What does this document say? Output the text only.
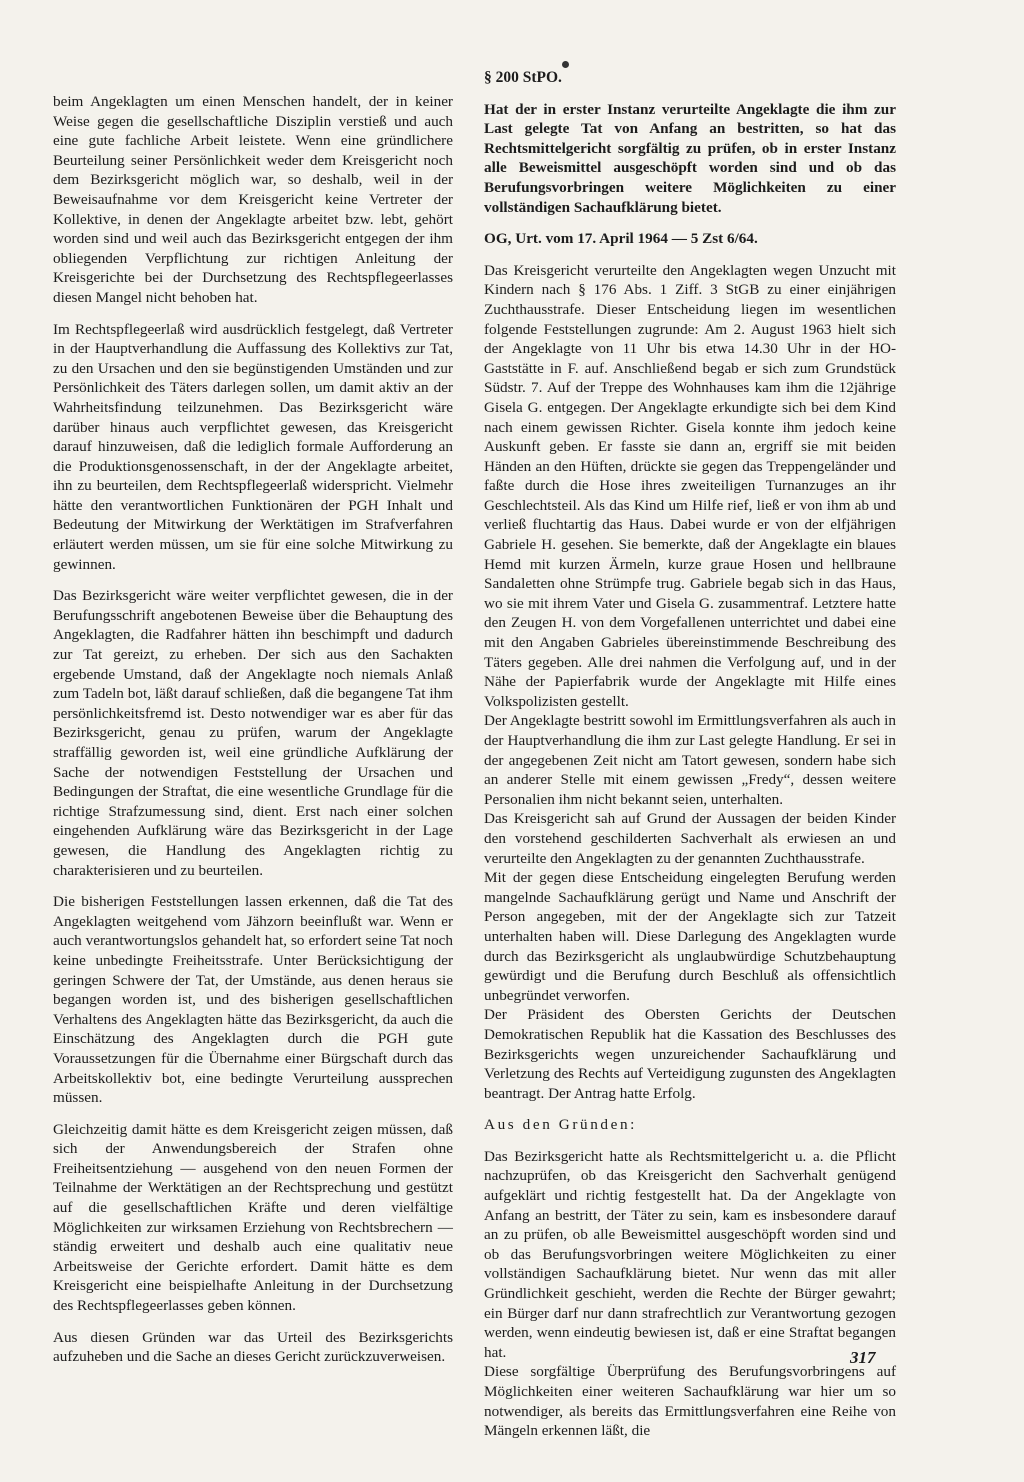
beim Angeklagten um einen Menschen handelt, der in keiner Weise gegen die gesellschaftliche Disziplin verstieß und auch eine gute fachliche Arbeit leistete. Wenn eine gründlichere Beurteilung seiner Persönlichkeit weder dem Kreisgericht noch dem Bezirksgericht möglich war, so deshalb, weil in der Beweisaufnahme vor dem Kreisgericht keine Vertreter der Kollektive, in denen der Angeklagte arbeitet bzw. lebt, gehört worden sind und weil auch das Bezirksgericht entgegen der ihm obliegenden Verpflichtung zur richtigen Anleitung der Kreisgerichte bei der Durchsetzung des Rechtspflegeerlasses diesen Mangel nicht behoben hat.

Im Rechtspflegeerlaß wird ausdrücklich festgelegt, daß Vertreter in der Hauptverhandlung die Auffassung des Kollektivs zur Tat, zu den Ursachen und den sie begünstigenden Umständen und zur Persönlichkeit des Täters darlegen sollen, um damit aktiv an der Wahrheitsfindung teilzunehmen. Das Bezirksgericht wäre darüber hinaus auch verpflichtet gewesen, das Kreisgericht darauf hinzuweisen, daß die lediglich formale Aufforderung an die Produktionsgenossenschaft, in der der Angeklagte arbeitet, ihn zu beurteilen, dem Rechtspflegeerlaß widerspricht. Vielmehr hätte den verantwortlichen Funktionären der PGH Inhalt und Bedeutung der Mitwirkung der Werktätigen im Strafverfahren erläutert werden müssen, um sie für eine solche Mitwirkung zu gewinnen.

Das Bezirksgericht wäre weiter verpflichtet gewesen, die in der Berufungsschrift angebotenen Beweise über die Behauptung des Angeklagten, die Radfahrer hätten ihn beschimpft und dadurch zur Tat gereizt, zu erheben. Der sich aus den Sachakten ergebende Umstand, daß der Angeklagte noch niemals Anlaß zum Tadeln bot, läßt darauf schließen, daß die begangene Tat ihm persönlichkeitsfremd ist. Desto notwendiger war es aber für das Bezirksgericht, genau zu prüfen, warum der Angeklagte straffällig geworden ist, weil eine gründliche Aufklärung der Sache der notwendigen Feststellung der Ursachen und Bedingungen der Straftat, die eine wesentliche Grundlage für die richtige Strafzumessung sind, dient. Erst nach einer solchen eingehenden Aufklärung wäre das Bezirksgericht in der Lage gewesen, die Handlung des Angeklagten richtig zu charakterisieren und zu beurteilen.

Die bisherigen Feststellungen lassen erkennen, daß die Tat des Angeklagten weitgehend vom Jähzorn beeinflußt war. Wenn er auch verantwortungslos gehandelt hat, so erfordert seine Tat noch keine unbedingte Freiheitsstrafe. Unter Berücksichtigung der geringen Schwere der Tat, der Umstände, aus denen heraus sie begangen worden ist, und des bisherigen gesellschaftlichen Verhaltens des Angeklagten hätte das Bezirksgericht, da auch die Einschätzung des Angeklagten durch die PGH gute Voraussetzungen für die Übernahme einer Bürgschaft durch das Arbeitskollektiv bot, eine bedingte Verurteilung aussprechen müssen.

Gleichzeitig damit hätte es dem Kreisgericht zeigen müssen, daß sich der Anwendungsbereich der Strafen ohne Freiheitsentziehung — ausgehend von den neuen Formen der Teilnahme der Werktätigen an der Rechtsprechung und gestützt auf die gesellschaftlichen Kräfte und deren vielfältige Möglichkeiten zur wirksamen Erziehung von Rechtsbrechern — ständig erweitert und deshalb auch eine qualitativ neue Arbeitsweise der Gerichte erfordert. Damit hätte es dem Kreisgericht eine beispielhafte Anleitung in der Durchsetzung des Rechtspflegeerlasses geben können.

Aus diesen Gründen war das Urteil des Bezirksgerichts aufzuheben und die Sache an dieses Gericht zurückzuverweisen.

§ 200 StPO.

Hat der in erster Instanz verurteilte Angeklagte die ihm zur Last gelegte Tat von Anfang an bestritten, so hat das Rechtsmittelgericht sorgfältig zu prüfen, ob in erster Instanz alle Beweismittel ausgeschöpft worden sind und ob das Berufungsvorbringen weitere Möglichkeiten zu einer vollständigen Sachaufklärung bietet.

OG, Urt. vom 17. April 1964 — 5 Zst 6/64.

Das Kreisgericht verurteilte den Angeklagten wegen Unzucht mit Kindern nach § 176 Abs. 1 Ziff. 3 StGB zu einer einjährigen Zuchthausstrafe. Dieser Entscheidung liegen im wesentlichen folgende Feststellungen zugrunde: Am 2. August 1963 hielt sich der Angeklagte von 11 Uhr bis etwa 14.30 Uhr in der HO-Gaststätte in F. auf. Anschließend begab er sich zum Grundstück Südstr. 7. Auf der Treppe des Wohnhauses kam ihm die 12jährige Gisela G. entgegen. Der Angeklagte erkundigte sich bei dem Kind nach einem gewissen Richter. Gisela konnte ihm jedoch keine Auskunft geben. Er fasste sie dann an, ergriff sie mit beiden Händen an den Hüften, drückte sie gegen das Treppengeländer und faßte durch die Hose ihres zweiteiligen Turnanzuges an ihr Geschlechtsteil. Als das Kind um Hilfe rief, ließ er von ihm ab und verließ fluchtartig das Haus. Dabei wurde er von der elfjährigen Gabriele H. gesehen. Sie bemerkte, daß der Angeklagte ein blaues Hemd mit kurzen Ärmeln, kurze graue Hosen und hellbraune Sandaletten ohne Strümpfe trug. Gabriele begab sich in das Haus, wo sie mit ihrem Vater und Gisela G. zusammentraf. Letztere hatte den Zeugen H. von dem Vorgefallenen unterrichtet und dabei eine mit den Angaben Gabrieles übereinstimmende Beschreibung des Täters gegeben. Alle drei nahmen die Verfolgung auf, und in der Nähe der Papierfabrik wurde der Angeklagte mit Hilfe eines Volkspolizisten gestellt.

Der Angeklagte bestritt sowohl im Ermittlungsverfahren als auch in der Hauptverhandlung die ihm zur Last gelegte Handlung. Er sei in der angegebenen Zeit nicht am Tatort gewesen, sondern habe sich an anderer Stelle mit einem gewissen „Fredy“, dessen weitere Personalien ihm nicht bekannt seien, unterhalten.

Das Kreisgericht sah auf Grund der Aussagen der beiden Kinder den vorstehend geschilderten Sachverhalt als erwiesen an und verurteilte den Angeklagten zu der genannten Zuchthausstrafe.

Mit der gegen diese Entscheidung eingelegten Berufung werden mangelnde Sachaufklärung gerügt und Name und Anschrift der Person angegeben, mit der der Angeklagte sich zur Tatzeit unterhalten haben will. Diese Darlegung des Angeklagten wurde durch das Bezirksgericht als unglaubwürdige Schutzbehauptung gewürdigt und die Berufung durch Beschluß als offensichtlich unbegründet verworfen.

Der Präsident des Obersten Gerichts der Deutschen Demokratischen Republik hat die Kassation des Beschlusses des Bezirksgerichts wegen unzureichender Sachaufklärung und Verletzung des Rechts auf Verteidigung zugunsten des Angeklagten beantragt. Der Antrag hatte Erfolg.

Aus den Gründen:

Das Bezirksgericht hatte als Rechtsmittelgericht u. a. die Pflicht nachzuprüfen, ob das Kreisgericht den Sachverhalt genügend aufgeklärt und richtig festgestellt hat. Da der Angeklagte von Anfang an bestritt, der Täter zu sein, kam es insbesondere darauf an zu prüfen, ob alle Beweismittel ausgeschöpft worden sind und ob das Berufungsvorbringen weitere Möglichkeiten zu einer vollständigen Sachaufklärung bietet. Nur wenn das mit aller Gründlichkeit geschieht, werden die Rechte der Bürger gewahrt; ein Bürger darf nur dann strafrechtlich zur Verantwortung gezogen werden, wenn eindeutig bewiesen ist, daß er eine Straftat begangen hat.

Diese sorgfältige Überprüfung des Berufungsvorbringens auf Möglichkeiten einer weiteren Sachaufklärung war hier um so notwendiger, als bereits das Ermittlungsverfahren eine Reihe von Mängeln erkennen läßt, die

317
